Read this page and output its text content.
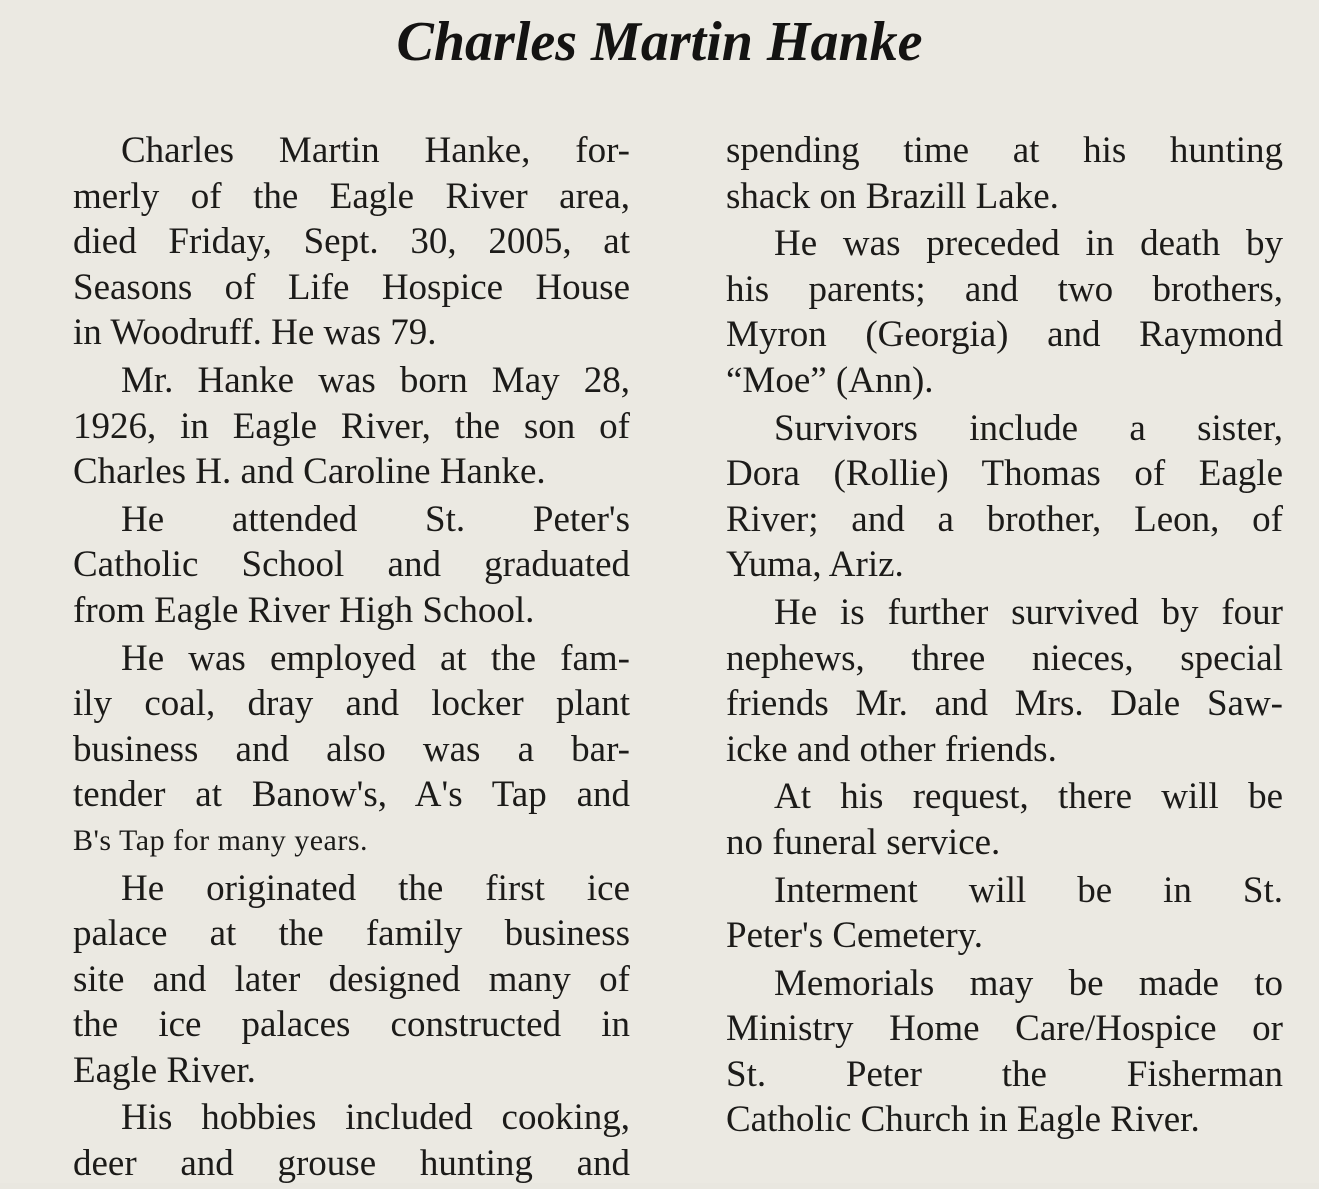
Charles Martin Hanke
Charles Martin Hanke, for-
merly of the Eagle River area,
died Friday, Sept. 30, 2005, at
Seasons of Life Hospice House
in Woodruff. He was 79.
Mr. Hanke was born May 28,
1926, in Eagle River, the son of
Charles H. and Caroline Hanke.
He attended St. Peter's
Catholic School and graduated
from Eagle River High School.
He was employed at the fam-
ily coal, dray and locker plant
business and also was a bar-
tender at Banow's, A's Tap and
B's Tap for many years.
He originated the first ice
palace at the family business
site and later designed many of
the ice palaces constructed in
Eagle River.
His hobbies included cooking,
deer and grouse hunting and
spending time at his hunting
shack on Brazill Lake.
He was preceded in death by
his parents; and two brothers,
Myron (Georgia) and Raymond
“Moe” (Ann).
Survivors include a sister,
Dora (Rollie) Thomas of Eagle
River; and a brother, Leon, of
Yuma, Ariz.
He is further survived by four
nephews, three nieces, special
friends Mr. and Mrs. Dale Saw-
icke and other friends.
At his request, there will be
no funeral service.
Interment will be in St.
Peter's Cemetery.
Memorials may be made to
Ministry Home Care/Hospice or
St. Peter the Fisherman
Catholic Church in Eagle River.
